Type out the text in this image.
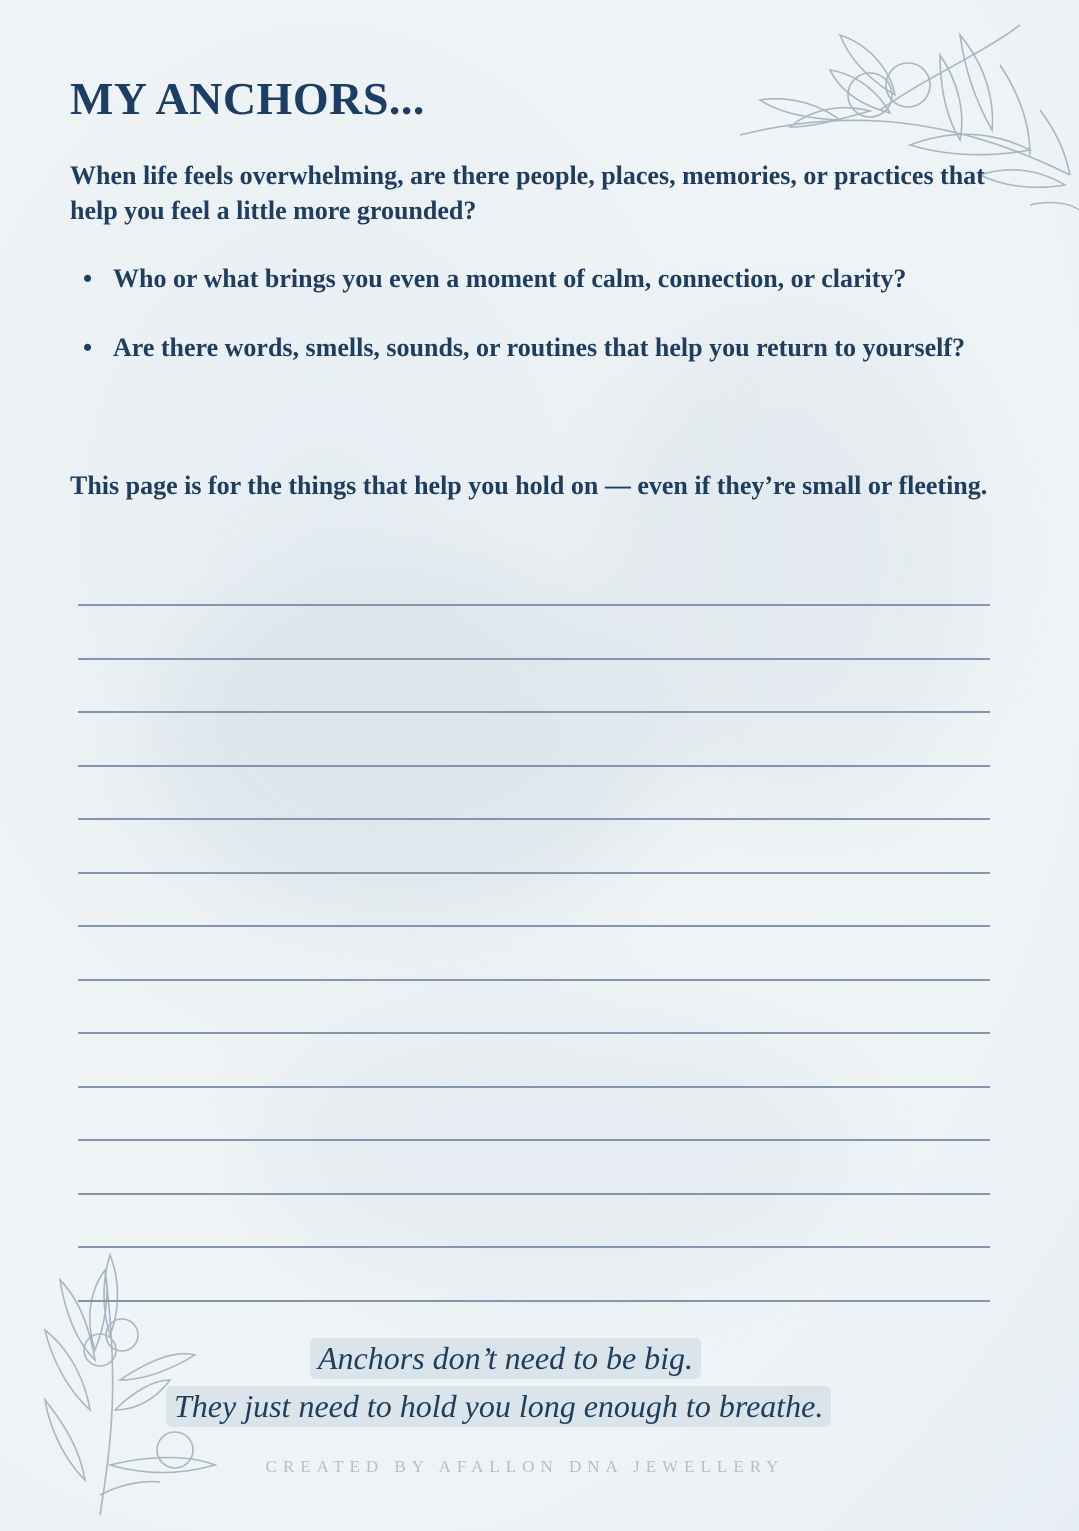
MY ANCHORS...

When life feels overwhelming, are there people, places, memories, or practices that help you feel a little more grounded?

• Who or what brings you even a moment of calm, connection, or clarity?
• Are there words, smells, sounds, or routines that help you return to yourself?

This page is for the things that help you hold on — even if they’re small or fleeting.

Anchors don’t need to be big.
They just need to hold you long enough to breathe.
CREATED BY AFALLON DNA JEWELLERY
